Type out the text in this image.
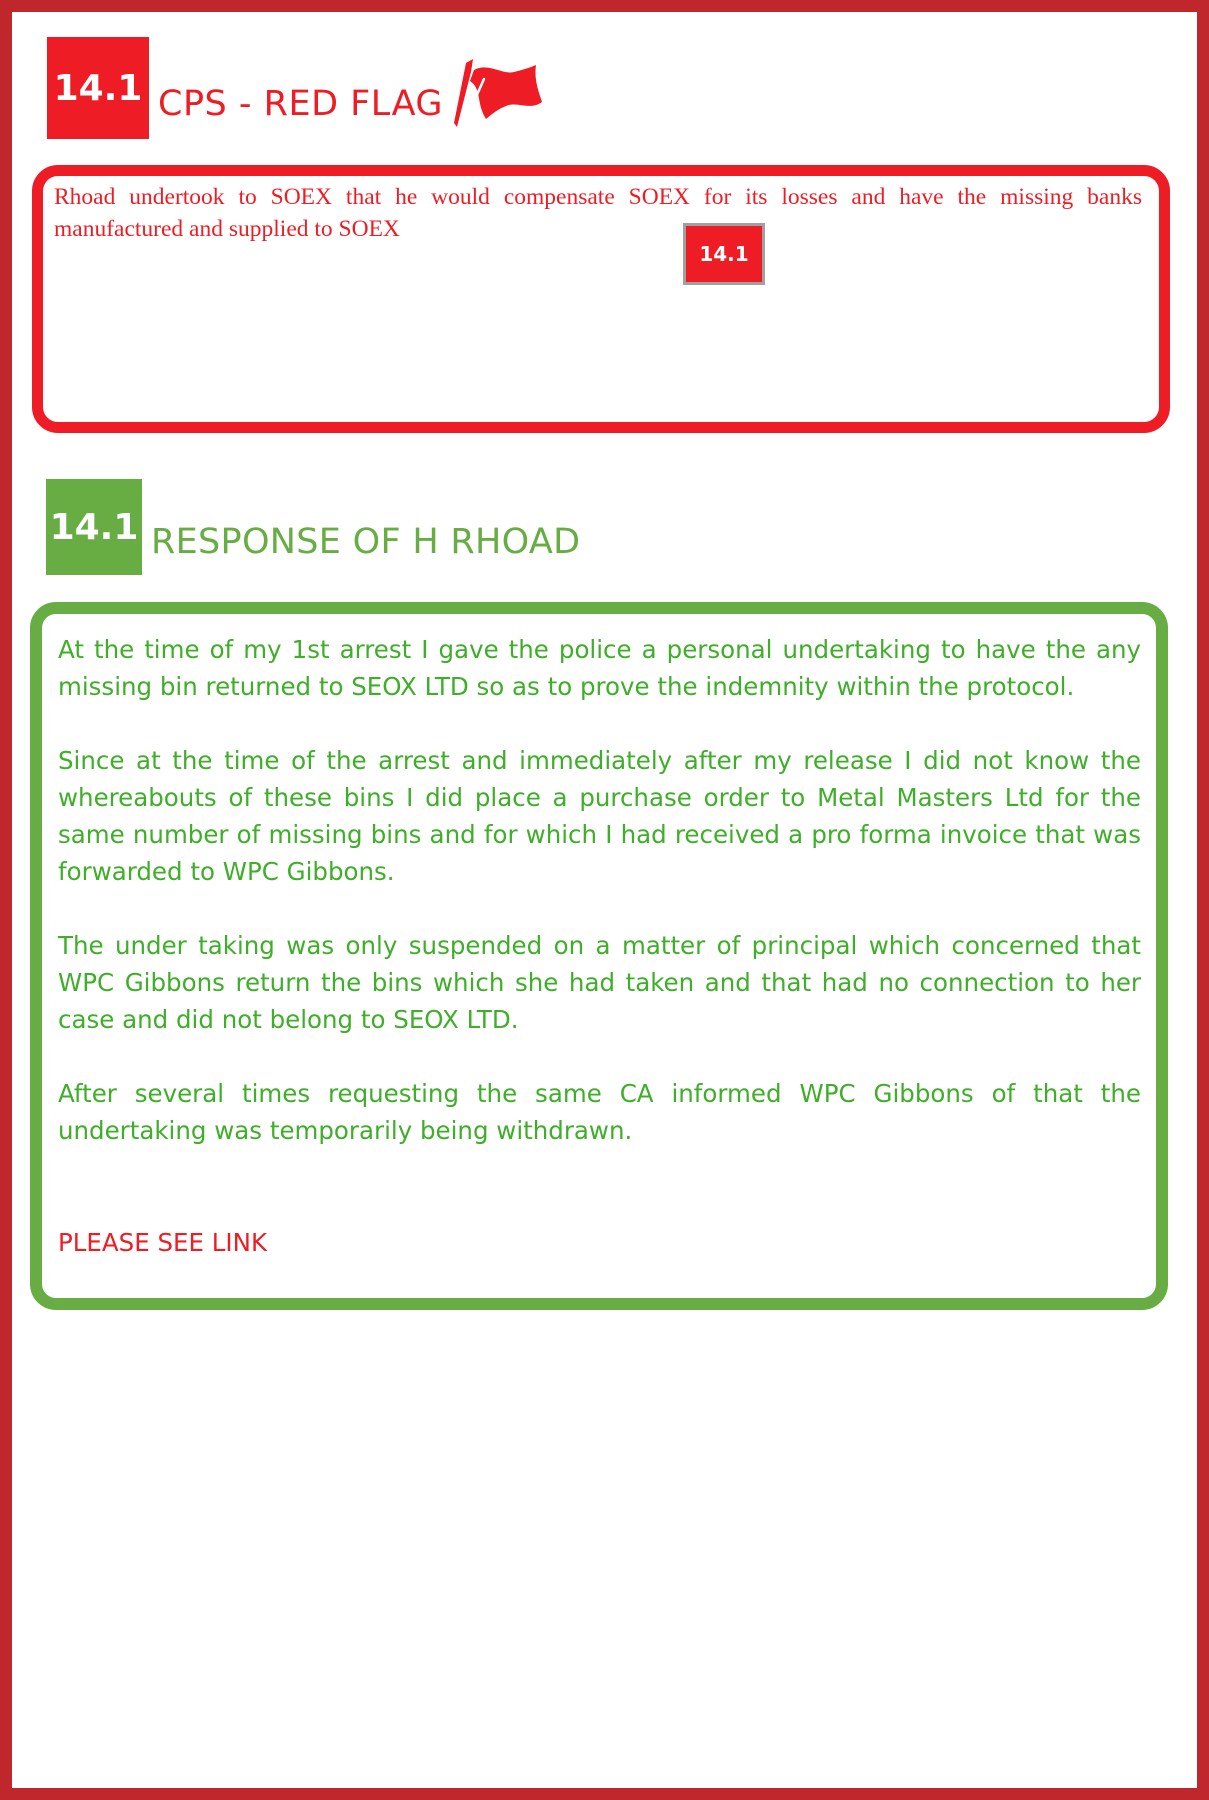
14.1 CPS - RED FLAG

Rhoad undertook to SOEX that he would compensate SOEX for its losses and have the missing banks manufactured and supplied to SOEX

14.1
14.1 RESPONSE OF H RHOAD

At the time of my 1st arrest I gave the police a personal undertaking to have the any missing bin returned to SEOX LTD so as to prove the indemnity within the protocol.

Since at the time of the arrest and immediately after my release I did not know the whereabouts of these bins I did place a purchase order to Metal Masters Ltd for the same number of missing bins and for which I had received a pro forma invoice that was forwarded to WPC Gibbons.

The under taking was only suspended on a matter of principal which concerned that WPC Gibbons return the bins which she had taken and that had no connection to her case and did not belong to SEOX LTD.

After several times requesting the same CA informed WPC Gibbons of that the undertaking was temporarily being withdrawn.

PLEASE SEE LINK
